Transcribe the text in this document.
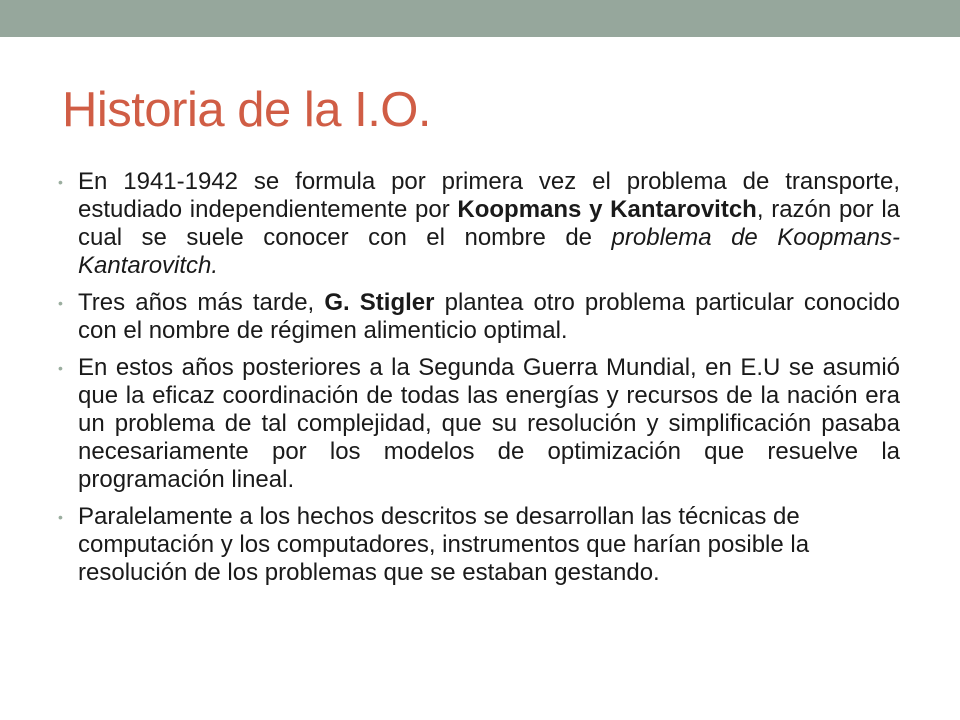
Historia de la I.O.
• En 1941-1942 se formula por primera vez el problema de transporte, estudiado independientemente por Koopmans y Kantarovitch, razón por la cual se suele conocer con el nombre de problema de Koopmans-Kantarovitch.
• Tres años más tarde, G. Stigler plantea otro problema particular conocido con el nombre de régimen alimenticio optimal.
• En estos años posteriores a la Segunda Guerra Mundial, en E.U se asumió que la eficaz coordinación de todas las energías y recursos de la nación era un problema de tal complejidad, que su resolución y simplificación pasaba necesariamente por los modelos de optimización que resuelve la programación lineal.
• Paralelamente a los hechos descritos se desarrollan las técnicas de computación y los computadores, instrumentos que harían posible la resolución de los problemas que se estaban gestando.
